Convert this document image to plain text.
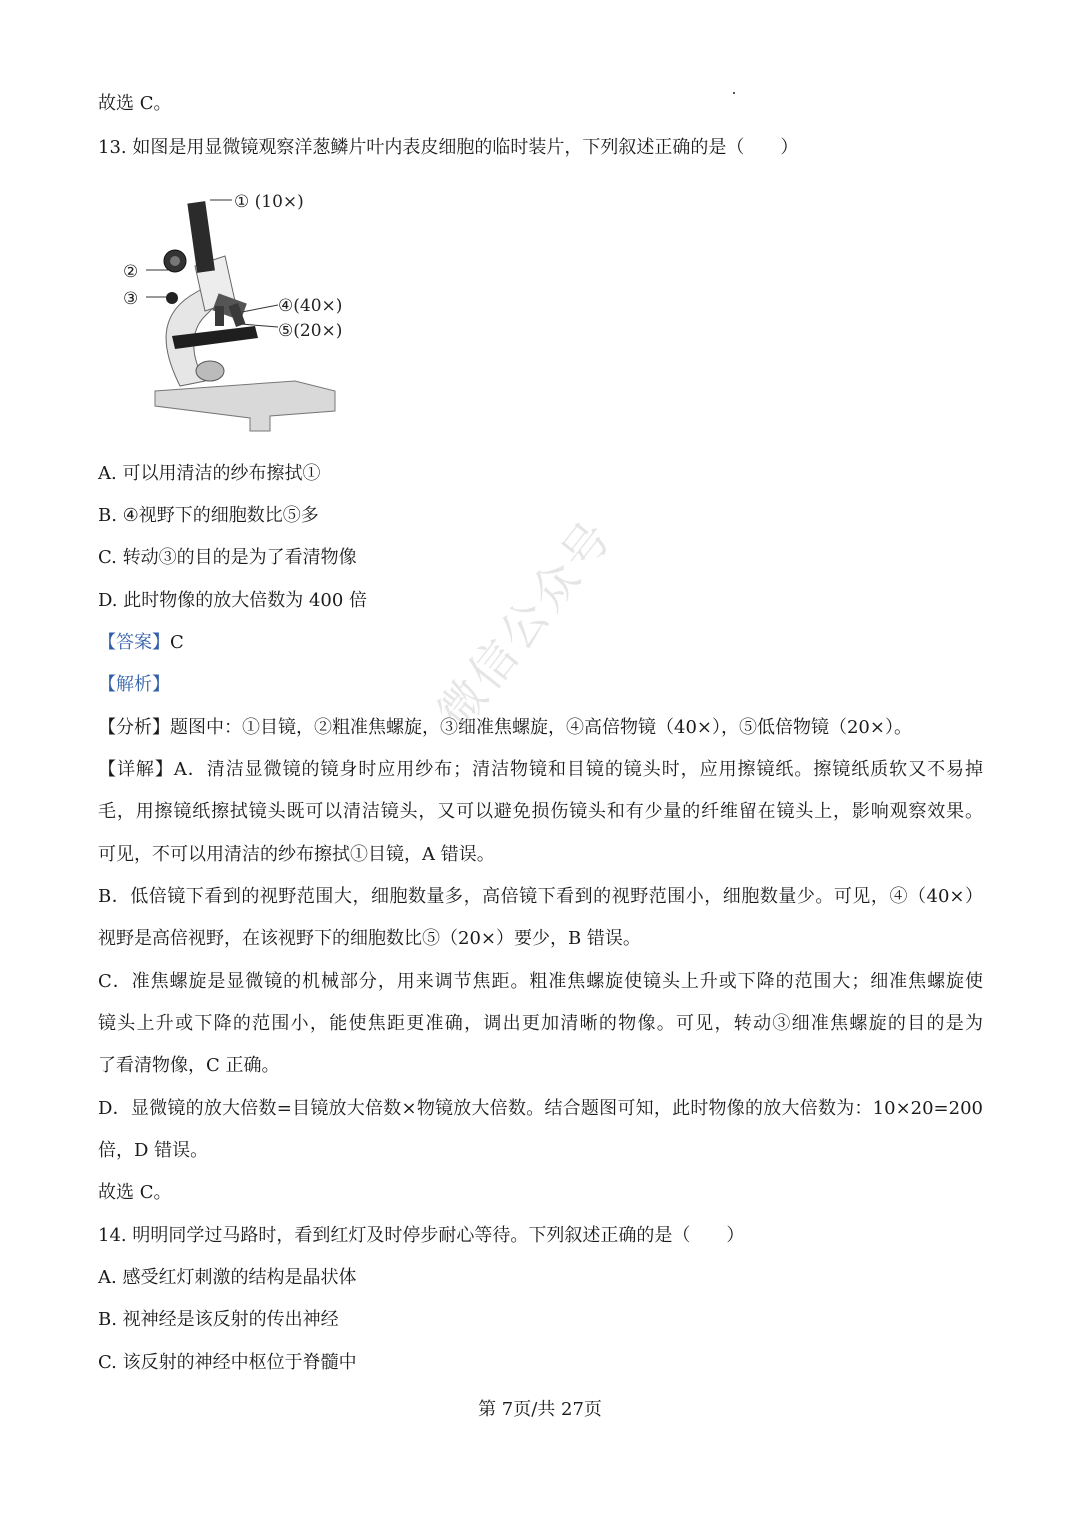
故选 C。
13. 如图是用显微镜观察洋葱鳞片叶内表皮细胞的临时装片，下列叙述正确的是（　　）
① (10×)
②
③	④(40×)
⑤(20×)
A. 可以用清洁的纱布擦拭①
B. ④视野下的细胞数比⑤多
C. 转动③的目的是为了看清物像
D. 此时物像的放大倍数为 400 倍
【答案】C
【解析】
【分析】题图中：①目镜，②粗准焦螺旋，③细准焦螺旋，④高倍物镜（40×），⑤低倍物镜（20×）。
【详解】A．清洁显微镜的镜身时应用纱布；清洁物镜和目镜的镜头时，应用擦镜纸。擦镜纸质软又不易掉
毛，用擦镜纸擦拭镜头既可以清洁镜头，又可以避免损伤镜头和有少量的纤维留在镜头上，影响观察效果。
可见，不可以用清洁的纱布擦拭①目镜，A 错误。
B．低倍镜下看到的视野范围大，细胞数量多，高倍镜下看到的视野范围小，细胞数量少。可见，④（40×）
视野是高倍视野，在该视野下的细胞数比⑤（20×）要少，B 错误。
C．准焦螺旋是显微镜的机械部分，用来调节焦距。粗准焦螺旋使镜头上升或下降的范围大；细准焦螺旋使
镜头上升或下降的范围小，能使焦距更准确，调出更加清晰的物像。可见，转动③细准焦螺旋的目的是为
了看清物像，C 正确。
D．显微镜的放大倍数=目镜放大倍数×物镜放大倍数。结合题图可知，此时物像的放大倍数为：10×20=200
倍，D 错误。
故选 C。
14. 明明同学过马路时，看到红灯及时停步耐心等待。下列叙述正确的是（　　）
A. 感受红灯刺激的结构是晶状体
B. 视神经是该反射的传出神经
C. 该反射的神经中枢位于脊髓中
微信公众号
第 7页/共 27页
